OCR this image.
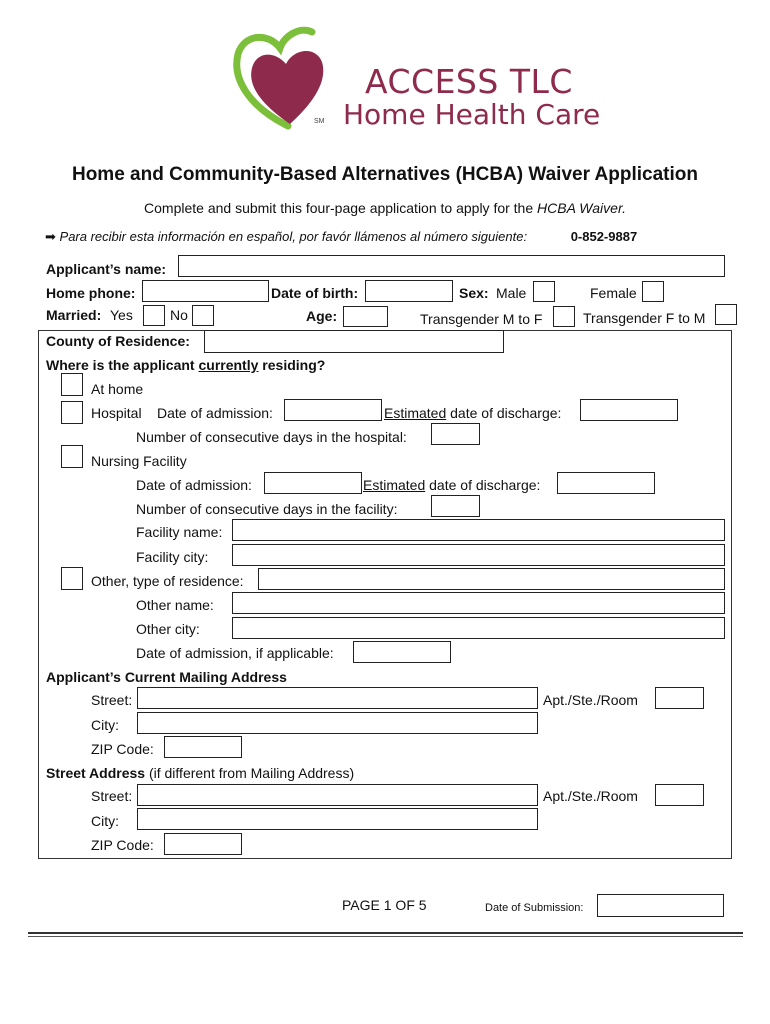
SM
ACCESS TLC
Home Health Care
Home and Community-Based Alternatives (HCBA) Waiver Application
Complete and submit this four-page application to apply for the HCBA Waiver.
➡ Para recibir esta información en español, por favór llámenos al número siguiente:	0-852-9887
Applicant’s name:
Home phone:	Date of birth:	Sex: Male	Female
Married: Yes	No	Age:	Transgender M to F	Transgender F to M
County of Residence:
Where is the applicant currently residing?
At home
Hospital Date of admission:	Estimated date of discharge:
Number of consecutive days in the hospital:
Nursing Facility
Date of admission:	Estimated date of discharge:
Number of consecutive days in the facility:
Facility name:
Facility city:
Other, type of residence:
Other name:
Other city:
Date of admission, if applicable:
Applicant’s Current Mailing Address
Street:	Apt./Ste./Room
City:
ZIP Code:
Street Address (if different from Mailing Address)
Street:	Apt./Ste./Room
City:
ZIP Code:
PAGE 1 OF 5	Date of Submission:
